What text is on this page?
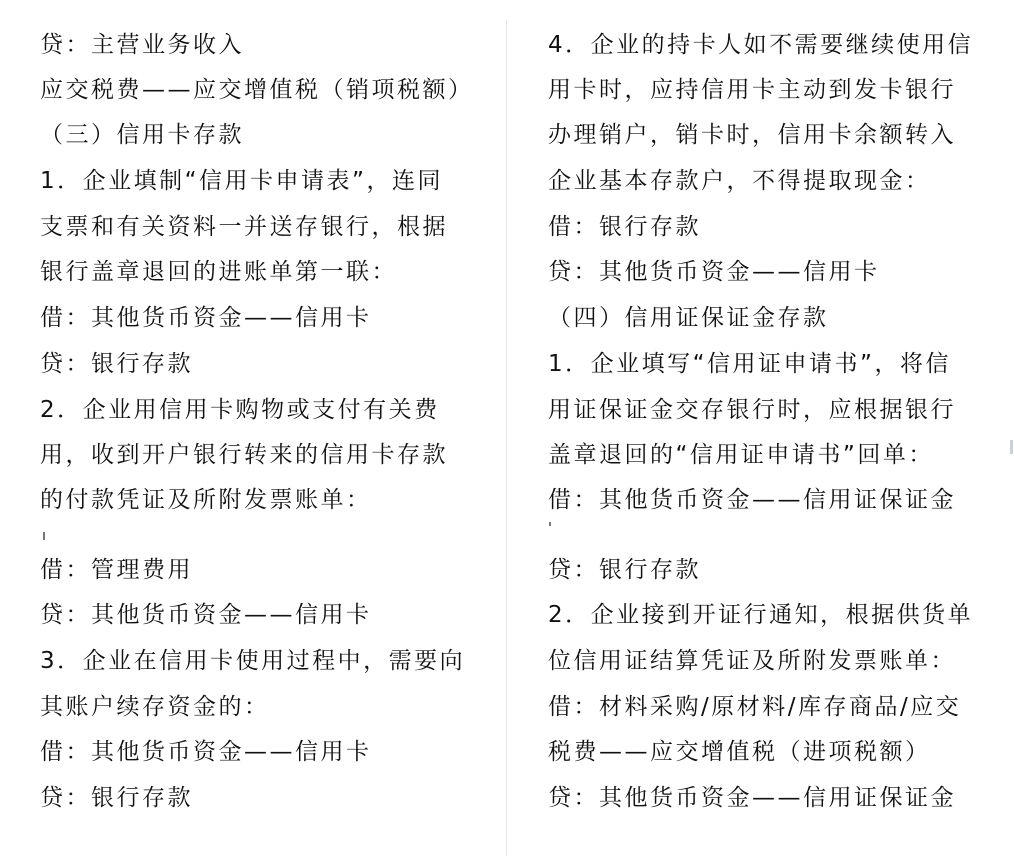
贷：主营业务收入
应交税费——应交增值税（销项税额）
（三）信用卡存款
1．企业填制“信用卡申请表”，连同
支票和有关资料一并送存银行，根据
银行盖章退回的进账单第一联：
借：其他货币资金——信用卡
贷：银行存款
2．企业用信用卡购物或支付有关费
用，收到开户银行转来的信用卡存款
的付款凭证及所附发票账单：
借：管理费用
贷：其他货币资金——信用卡
3．企业在信用卡使用过程中，需要向
其账户续存资金的：
借：其他货币资金——信用卡
贷：银行存款
4．企业的持卡人如不需要继续使用信
用卡时，应持信用卡主动到发卡银行
办理销户，销卡时，信用卡余额转入
企业基本存款户，不得提取现金：
借：银行存款
贷：其他货币资金——信用卡
（四）信用证保证金存款
1．企业填写“信用证申请书”，将信
用证保证金交存银行时，应根据银行
盖章退回的“信用证申请书”回单：
借：其他货币资金——信用证保证金
贷：银行存款
2．企业接到开证行通知，根据供货单
位信用证结算凭证及所附发票账单：
借：材料采购/原材料/库存商品/应交
税费——应交增值税（进项税额）
贷：其他货币资金——信用证保证金
